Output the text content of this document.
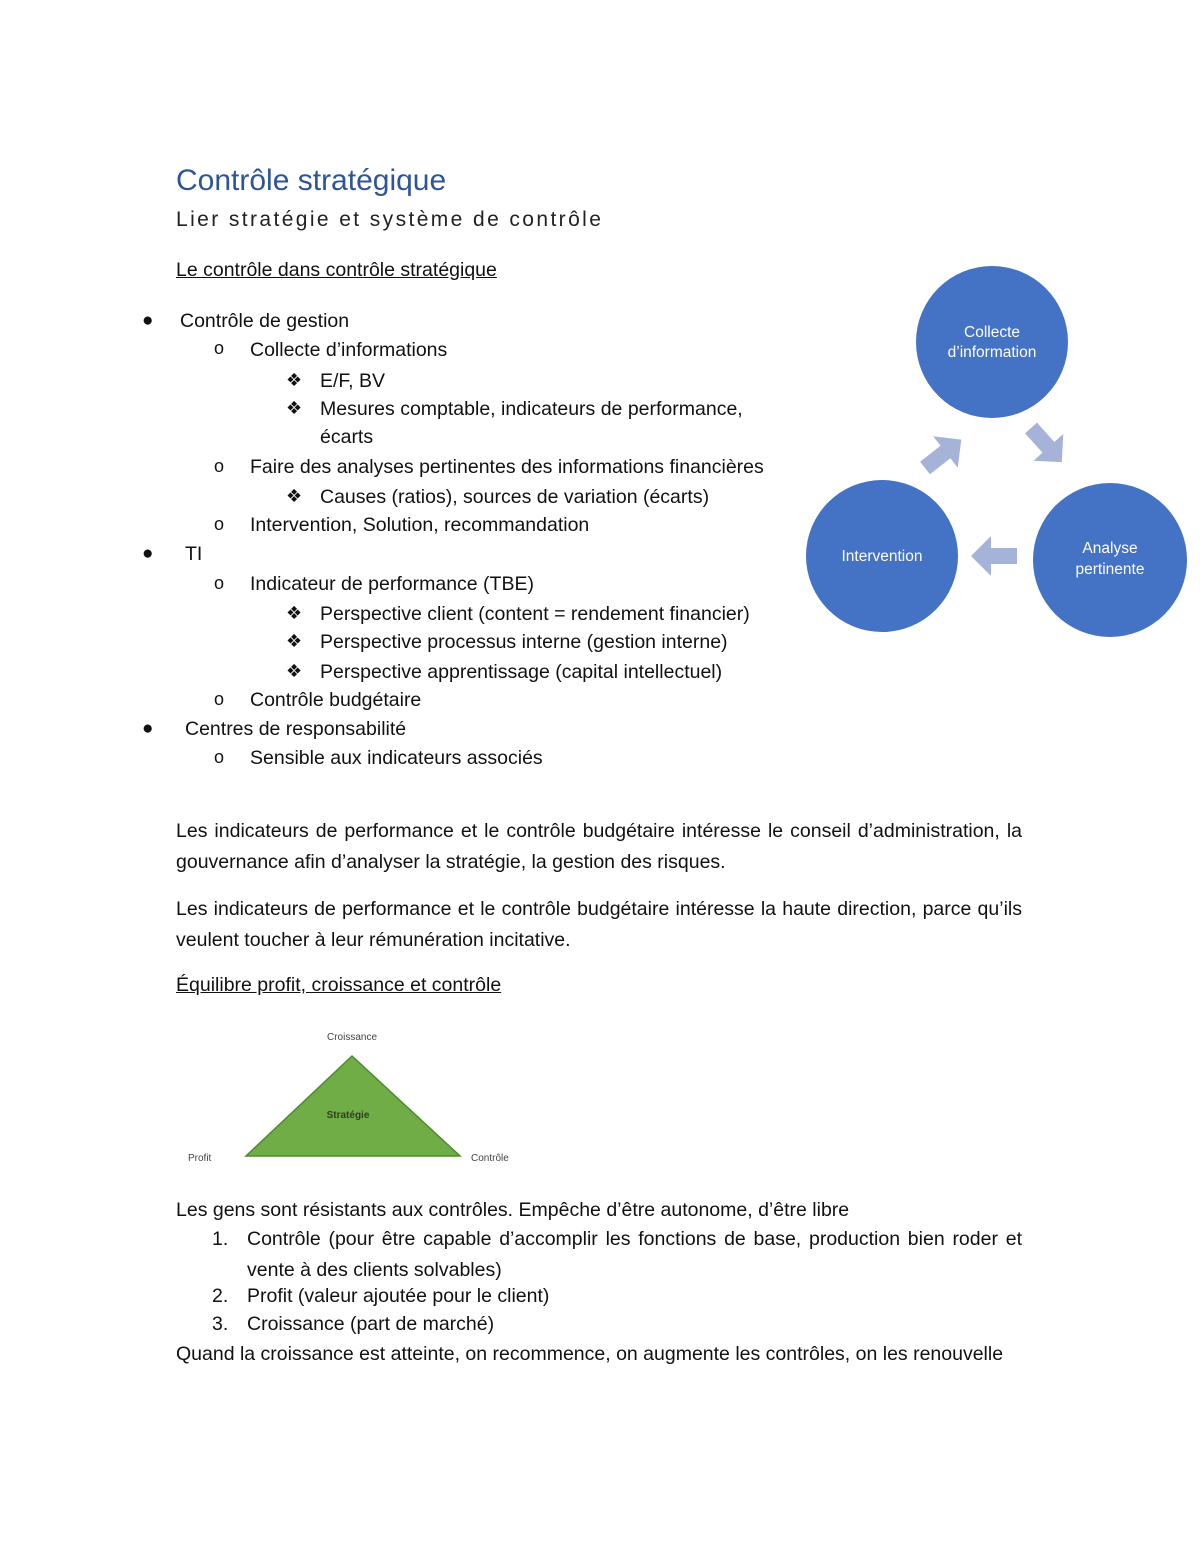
Contrôle stratégique
Lier stratégie et système de contrôle
Le contrôle dans contrôle stratégique
● Contrôle de gestion
o Collecte d’informations
❖ E/F, BV
❖ Mesures comptable, indicateurs de performance,
écarts
o Faire des analyses pertinentes des informations financières
❖ Causes (ratios), sources de variation (écarts)
o Intervention, Solution, recommandation
● TI
o Indicateur de performance (TBE)
❖ Perspective client (content = rendement financier)
❖ Perspective processus interne (gestion interne)
❖ Perspective apprentissage (capital intellectuel)
o Contrôle budgétaire
● Centres de responsabilité
o Sensible aux indicateurs associés
Collecte
d’information
Analyse
pertinente
Intervention
Les indicateurs de performance et le contrôle budgétaire intéresse le conseil d’administration, la gouvernance afin d’analyser la stratégie, la gestion des risques.
Les indicateurs de performance et le contrôle budgétaire intéresse la haute direction, parce qu’ils veulent toucher à leur rémunération incitative.
Équilibre profit, croissance et contrôle
Croissance
Stratégie
Profit	Contrôle
Les gens sont résistants aux contrôles. Empêche d’être autonome, d’être libre
1. Contrôle (pour être capable d’accomplir les fonctions de base, production bien roder et vente à des clients solvables)
2. Profit (valeur ajoutée pour le client)
3. Croissance (part de marché)
Quand la croissance est atteinte, on recommence, on augmente les contrôles, on les renouvelle
